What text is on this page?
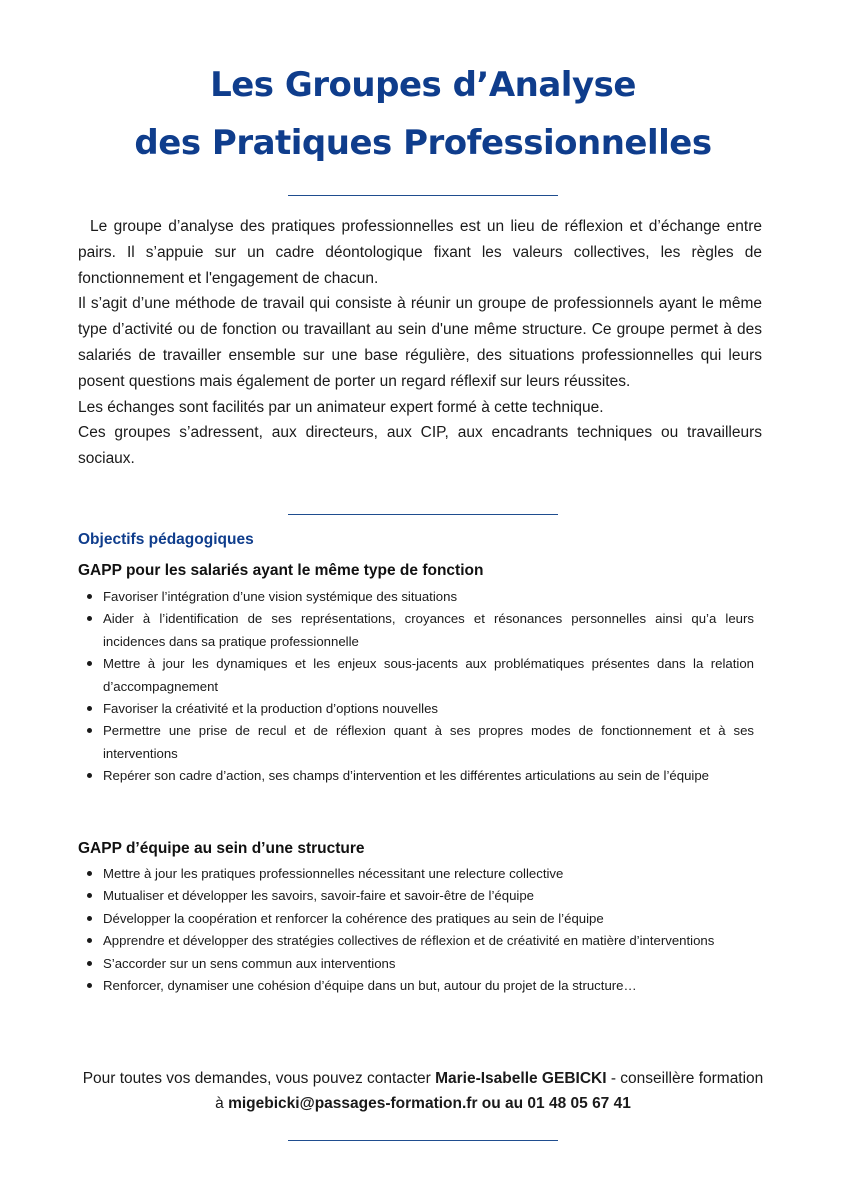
Les Groupes d’Analyse
des Pratiques Professionnelles

Le groupe d’analyse des pratiques professionnelles est un lieu de réflexion et d’échange entre pairs. Il s’appuie sur un cadre déontologique fixant les valeurs collectives, les règles de fonctionnement et l'engagement de chacun.

Il s’agit d’une méthode de travail qui consiste à réunir un groupe de professionnels ayant le même type d’activité ou de fonction ou travaillant au sein d'une même structure. Ce groupe permet à des salariés de travailler ensemble sur une base régulière, des situations professionnelles qui leurs posent questions mais également de porter un regard réflexif sur leurs réussites.

Les échanges sont facilités par un animateur expert formé à cette technique.

Ces groupes s’adressent, aux directeurs, aux CIP, aux encadrants techniques ou travailleurs sociaux.

Objectifs pédagogiques
GAPP pour les salariés ayant le même type de fonction
Favoriser l’intégration d’une vision systémique des situations
Aider à l’identification de ses représentations, croyances et résonances personnelles ainsi qu’a leurs incidences dans sa pratique professionnelle
Mettre à jour les dynamiques et les enjeux sous-jacents aux problématiques présentes dans la relation d’accompagnement
Favoriser la créativité et la production d’options nouvelles
Permettre une prise de recul et de réflexion quant à ses propres modes de fonctionnement et à ses interventions
Repérer son cadre d’action, ses champs d’intervention et les différentes articulations au sein de l’équipe
GAPP d’équipe au sein d’une structure
Mettre à jour les pratiques professionnelles nécessitant une relecture collective
Mutualiser et développer les savoirs, savoir-faire et savoir-être de l’équipe
Développer la coopération et renforcer la cohérence des pratiques au sein de l’équipe
Apprendre et développer des stratégies collectives de réflexion et de créativité en matière d’interventions
S’accorder sur un sens commun aux interventions
Renforcer, dynamiser une cohésion d’équipe dans un but, autour du projet de la structure…
Pour toutes vos demandes, vous pouvez contacter Marie-Isabelle GEBICKI - conseillère formation à migebicki@passages-formation.fr ou au 01 48 05 67 41
